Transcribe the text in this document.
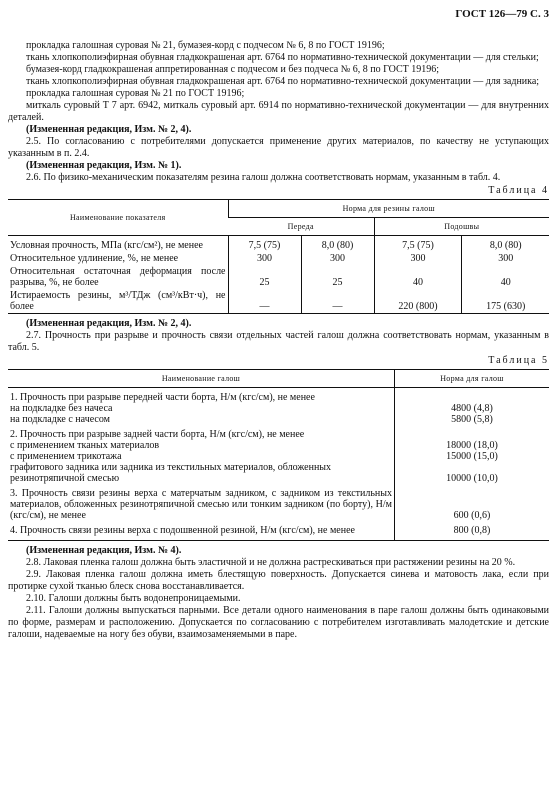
ГОСТ 126—79 С. 3

прокладка галошная суровая № 21, бумазея-корд с подчесом № 6, 8 по ГОСТ 19196;

ткань хлопкополиэфирная обувная гладкокрашеная арт. 6764 по нормативно-технической документации — для стельки;

бумазея-корд гладкокрашеная аппретированная с подчесом и без подчеса № 6, 8 по ГОСТ 19196;

ткань хлопкополиэфирная обувная гладкокрашеная арт. 6764 по нормативно-технической документации — для задника;

прокладка галошная суровая № 21 по ГОСТ 19196;

миткаль суровый Т 7 арт. 6942, миткаль суровый арт. 6914 по нормативно-технической документации — для внутренних деталей.

(Измененная редакция, Изм. № 2, 4).

2.5. По согласованию с потребителями допускается применение других материалов, по качеству не уступающих указанным в п. 2.4.

(Измененная редакция, Изм. № 1).

2.6. По физико-механическим показателям резина галош должна соответствовать нормам, указанным в табл. 4.

Таблица 4

Наименование показателя	Норма для резины галош			
	Передa		Подошвы	
Условная прочность, МПа (кгс/см²), не менее	7,5 (75)	8,0 (80)	7,5 (75)	8,0 (80)
Относительное удлинение, %, не менее	300	300	300	300
Относительная остаточная деформация после разрыва, %, не более	25	25	40	40
Истираемость резины, м³/ТДж (см³/кВт·ч), не более	—	—	220 (800)	175 (630)

(Измененная редакция, Изм. № 2, 4).

2.7. Прочность при разрыве и прочность связи отдельных частей галош должна соответствовать нормам, указанным в табл. 5.

Таблица 5

Наименование галош	Норма для галош

1. Прочность при разрыве передней части борта, Н/м (кгс/см), не менее	
на подкладке без начеса	4800 (4,8)
на подкладке с начесом	5800 (5,8)

2. Прочность при разрыве задней части борта, Н/м (кгс/см), не менее	
с применением тканых материалов	18000 (18,0)
с применением трикотажа	15000 (15,0)
графитового задника или задника из текстильных материалов, обложенных резинотряпичной смесью	10000 (10,0)

3. Прочность связи резины верха с матерчатым задником, с задником из текстильных материалов, обложенных резинотряпичной смесью или тонким задником (по борту), Н/м (кгс/см), не менее	600 (0,6)

4. Прочность связи резины верха с подошвенной резиной, Н/м (кгс/см), не менее	800 (0,8)

(Измененная редакция, Изм. № 4).

2.8. Лаковая пленка галош должна быть эластичной и не должна растрескиваться при растяжении резины на 20 %.

2.9. Лаковая пленка галош должна иметь блестящую поверхность. Допускается синева и матовость лака, если при протирке сухой тканью блеск снова восстанавливается.

2.10. Галоши должны быть водонепроницаемыми.

2.11. Галоши должны выпускаться парными. Все детали одного наименования в паре галош должны быть одинаковыми по форме, размерам и расположению. Допускается по согласованию с потребителем изготавливать малодетские и детские галоши, надеваемые на ногу без обуви, взаимозаменяемыми в паре.
